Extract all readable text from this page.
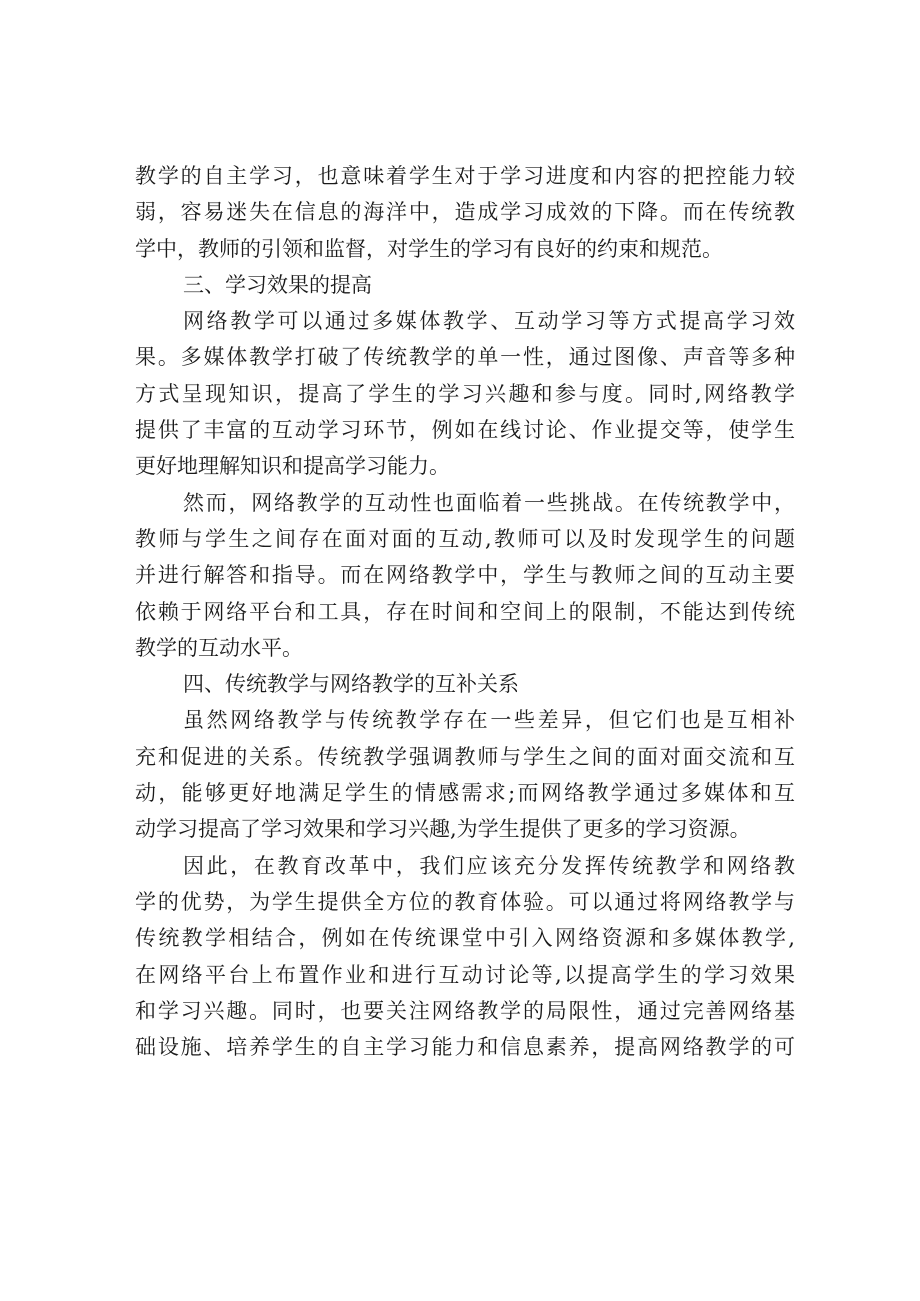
教学的自主学习，也意味着学生对于学习进度和内容的把控能力较
弱，容易迷失在信息的海洋中，造成学习成效的下降。而在传统教
学中，教师的引领和监督，对学生的学习有良好的约束和规范。

三、学习效果的提高

网络教学可以通过多媒体教学、互动学习等方式提高学习效
果。多媒体教学打破了传统教学的单一性，通过图像、声音等多种
方式呈现知识，提高了学生的学习兴趣和参与度。同时,网络教学
提供了丰富的互动学习环节，例如在线讨论、作业提交等，使学生
更好地理解知识和提高学习能力。

然而，网络教学的互动性也面临着一些挑战。在传统教学中，
教师与学生之间存在面对面的互动,教师可以及时发现学生的问题
并进行解答和指导。而在网络教学中，学生与教师之间的互动主要
依赖于网络平台和工具，存在时间和空间上的限制，不能达到传统
教学的互动水平。

四、传统教学与网络教学的互补关系

虽然网络教学与传统教学存在一些差异，但它们也是互相补
充和促进的关系。传统教学强调教师与学生之间的面对面交流和互
动，能够更好地满足学生的情感需求;而网络教学通过多媒体和互
动学习提高了学习效果和学习兴趣,为学生提供了更多的学习资源。

因此，在教育改革中，我们应该充分发挥传统教学和网络教
学的优势，为学生提供全方位的教育体验。可以通过将网络教学与
传统教学相结合，例如在传统课堂中引入网络资源和多媒体教学,
在网络平台上布置作业和进行互动讨论等,以提高学生的学习效果
和学习兴趣。同时，也要关注网络教学的局限性，通过完善网络基
础设施、培养学生的自主学习能力和信息素养，提高网络教学的可
